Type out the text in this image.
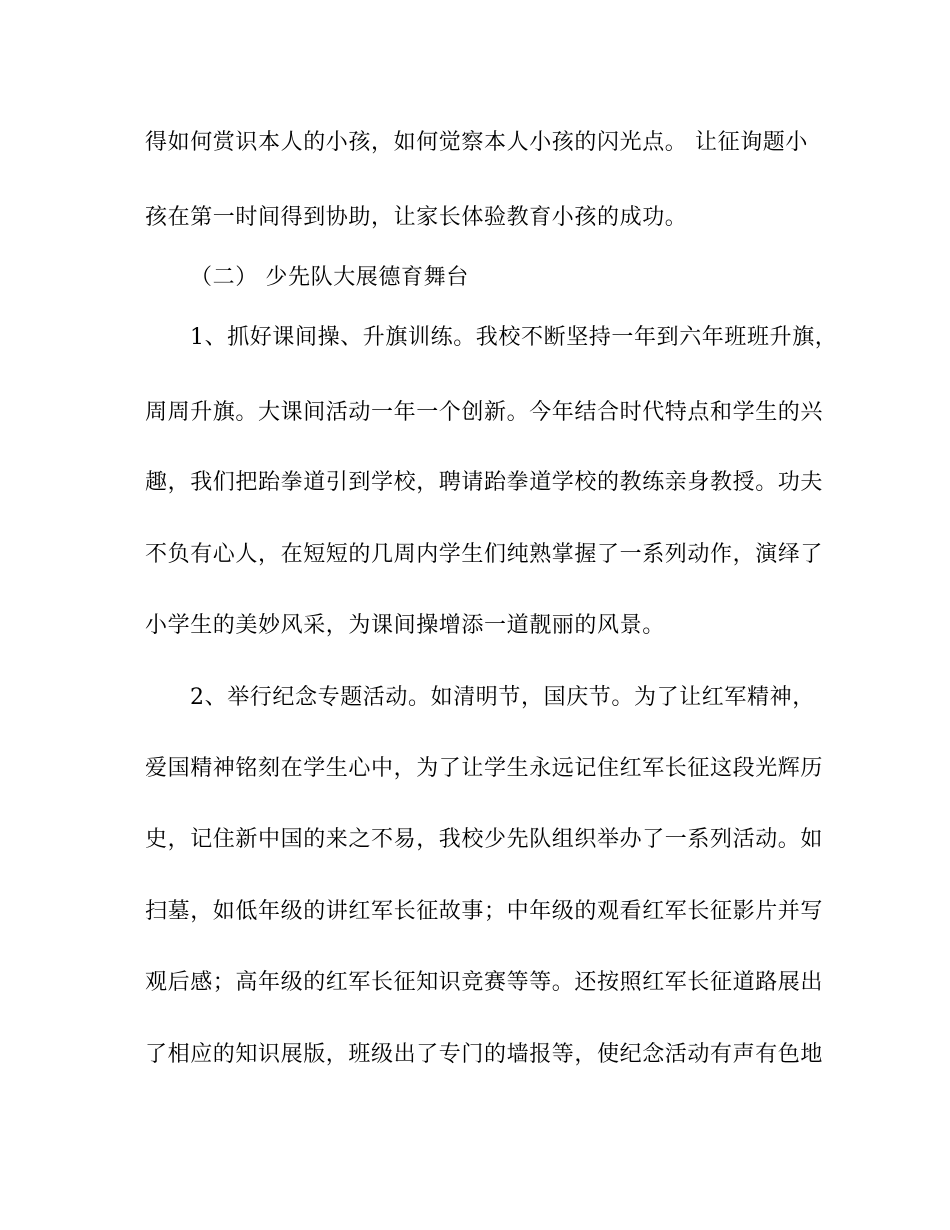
得如何赏识本人的小孩，如何觉察本人小孩的闪光点。 让征询题小
孩在第一时间得到协助，让家长体验教育小孩的成功。
（二） 少先队大展德育舞台
1、抓好课间操、升旗训练。我校不断坚持一年到六年班班升旗，
周周升旗。大课间活动一年一个创新。今年结合时代特点和学生的兴
趣，我们把跆拳道引到学校，聘请跆拳道学校的教练亲身教授。功夫
不负有心人，在短短的几周内学生们纯熟掌握了一系列动作，演绎了
小学生的美妙风采，为课间操增添一道靓丽的风景。
2、举行纪念专题活动。如清明节，国庆节。为了让红军精神，
爱国精神铭刻在学生心中，为了让学生永远记住红军长征这段光辉历
史，记住新中国的来之不易，我校少先队组织举办了一系列活动。如
扫墓，如低年级的讲红军长征故事；中年级的观看红军长征影片并写
观后感；高年级的红军长征知识竞赛等等。还按照红军长征道路展出
了相应的知识展版，班级出了专门的墙报等，使纪念活动有声有色地
